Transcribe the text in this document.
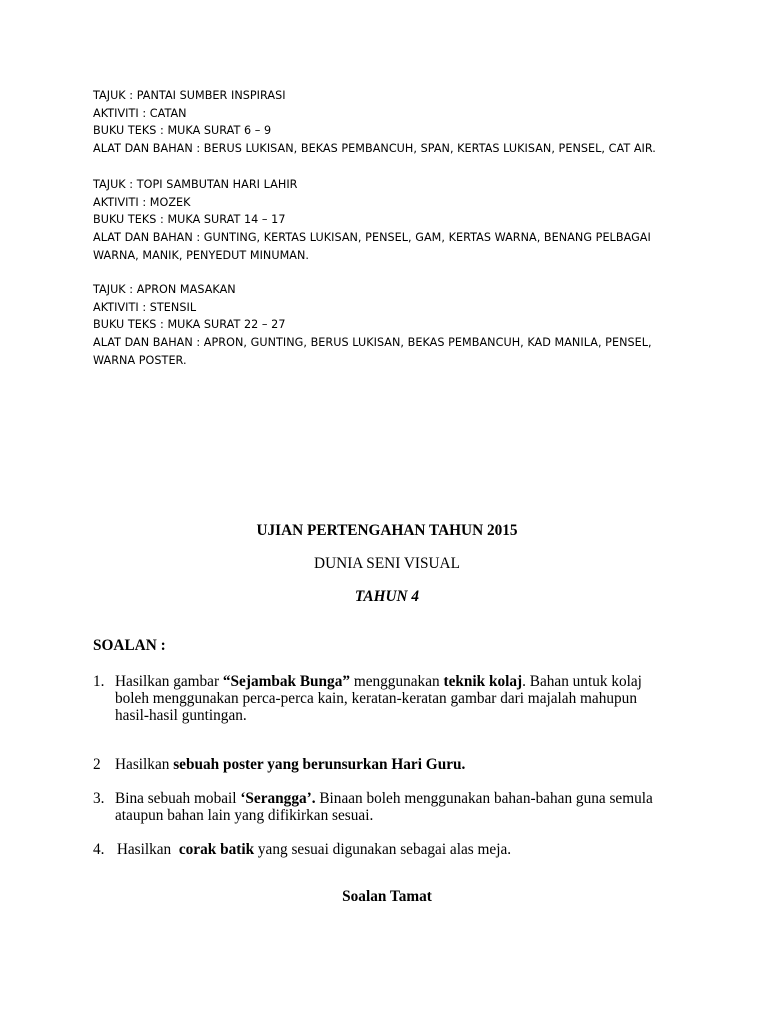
TAJUK : PANTAI SUMBER INSPIRASI
AKTIVITI : CATAN
BUKU TEKS : MUKA SURAT 6 – 9
ALAT DAN BAHAN : BERUS LUKISAN, BEKAS PEMBANCUH, SPAN, KERTAS LUKISAN, PENSEL, CAT AIR.
TAJUK : TOPI SAMBUTAN HARI LAHIR
AKTIVITI : MOZEK
BUKU TEKS : MUKA SURAT 14 – 17
ALAT DAN BAHAN : GUNTING, KERTAS LUKISAN, PENSEL, GAM, KERTAS WARNA, BENANG PELBAGAI
WARNA, MANIK, PENYEDUT MINUMAN.
TAJUK : APRON MASAKAN
AKTIVITI : STENSIL
BUKU TEKS : MUKA SURAT 22 – 27
ALAT DAN BAHAN : APRON, GUNTING, BERUS LUKISAN, BEKAS PEMBANCUH, KAD MANILA, PENSEL,
WARNA POSTER.
UJIAN PERTENGAHAN TAHUN 2015
DUNIA SENI VISUAL
TAHUN 4
SOALAN :
1. Hasilkan gambar “Sejambak Bunga” menggunakan teknik kolaj. Bahan untuk kolaj
boleh menggunakan perca-perca kain, keratan-keratan gambar dari majalah mahupun
hasil-hasil guntingan.
2 Hasilkan sebuah poster yang berunsurkan Hari Guru.
3. Bina sebuah mobail ‘Serangga’. Binaan boleh menggunakan bahan-bahan guna semula
ataupun bahan lain yang difikirkan sesuai.
4. Hasilkan  corak batik yang sesuai digunakan sebagai alas meja.
Soalan Tamat
